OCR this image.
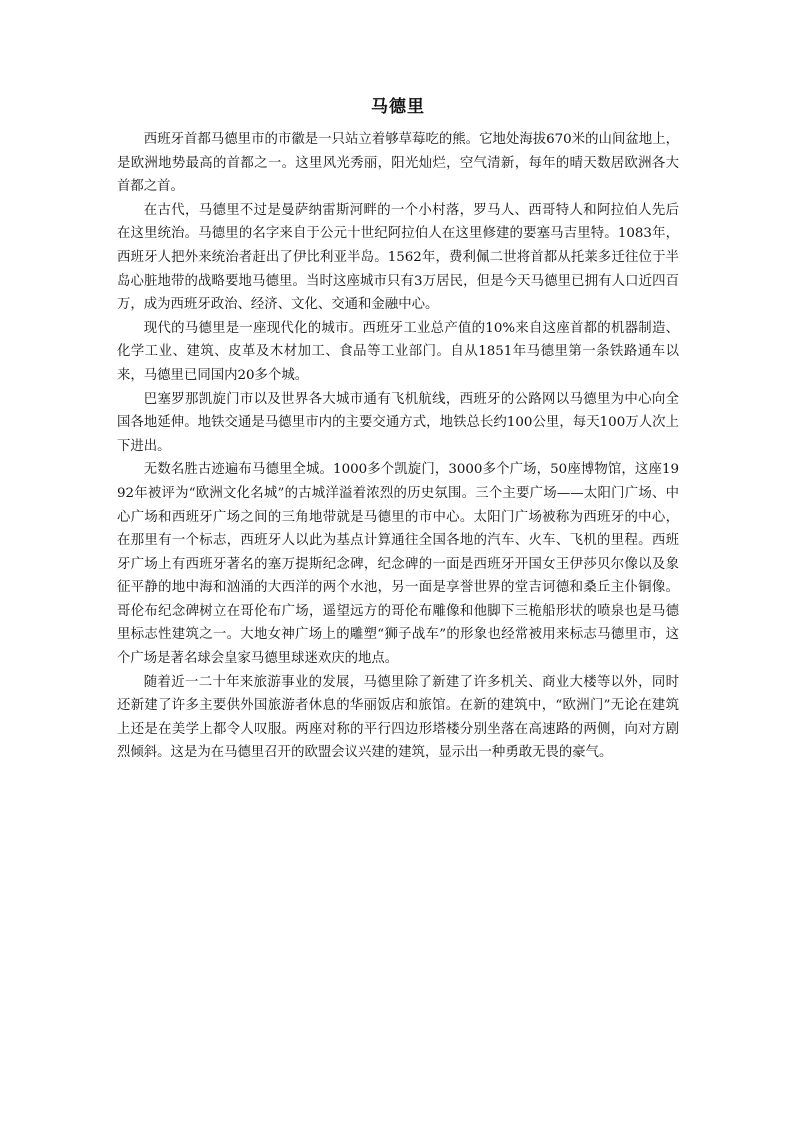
马德里

西班牙首都马德里市的市徽是一只站立着够草莓吃的熊。它地处海拔670米的山间盆地上，是欧洲地势最高的首都之一。这里风光秀丽，阳光灿烂，空气清新，每年的晴天数居欧洲各大首都之首。

在古代，马德里不过是曼萨纳雷斯河畔的一个小村落，罗马人、西哥特人和阿拉伯人先后在这里统治。马德里的名字来自于公元十世纪阿拉伯人在这里修建的要塞马吉里特。1083年，西班牙人把外来统治者赶出了伊比利亚半岛。1562年，费利佩二世将首都从托莱多迁往位于半岛心脏地带的战略要地马德里。当时这座城市只有3万居民，但是今天马德里已拥有人口近四百万，成为西班牙政治、经济、文化、交通和金融中心。

现代的马德里是一座现代化的城市。西班牙工业总产值的10%来自这座首都的机器制造、化学工业、建筑、皮革及木材加工、食品等工业部门。自从1851年马德里第一条铁路通车以来，马德里已同国内20多个城。

巴塞罗那凯旋门市以及世界各大城市通有飞机航线，西班牙的公路网以马德里为中心向全国各地延伸。地铁交通是马德里市内的主要交通方式，地铁总长约100公里，每天100万人次上下进出。

无数名胜古迹遍布马德里全城。1000多个凯旋门，3000多个广场，50座博物馆，这座1992年被评为“欧洲文化名城”的古城洋溢着浓烈的历史氛围。三个主要广场——太阳门广场、中心广场和西班牙广场之间的三角地带就是马德里的市中心。太阳门广场被称为西班牙的中心，在那里有一个标志，西班牙人以此为基点计算通往全国各地的汽车、火车、飞机的里程。西班牙广场上有西班牙著名的塞万提斯纪念碑，纪念碑的一面是西班牙开国女王伊莎贝尔像以及象征平静的地中海和汹涌的大西洋的两个水池，另一面是享誉世界的堂吉诃德和桑丘主仆铜像。哥伦布纪念碑树立在哥伦布广场，遥望远方的哥伦布雕像和他脚下三桅船形状的喷泉也是马德里标志性建筑之一。大地女神广场上的雕塑“狮子战车”的形象也经常被用来标志马德里市，这个广场是著名球会皇家马德里球迷欢庆的地点。

随着近一二十年来旅游事业的发展，马德里除了新建了许多机关、商业大楼等以外，同时还新建了许多主要供外国旅游者休息的华丽饭店和旅馆。在新的建筑中，“欧洲门”无论在建筑上还是在美学上都令人叹服。两座对称的平行四边形塔楼分别坐落在高速路的两侧，向对方剧烈倾斜。这是为在马德里召开的欧盟会议兴建的建筑，显示出一种勇敢无畏的豪气。
